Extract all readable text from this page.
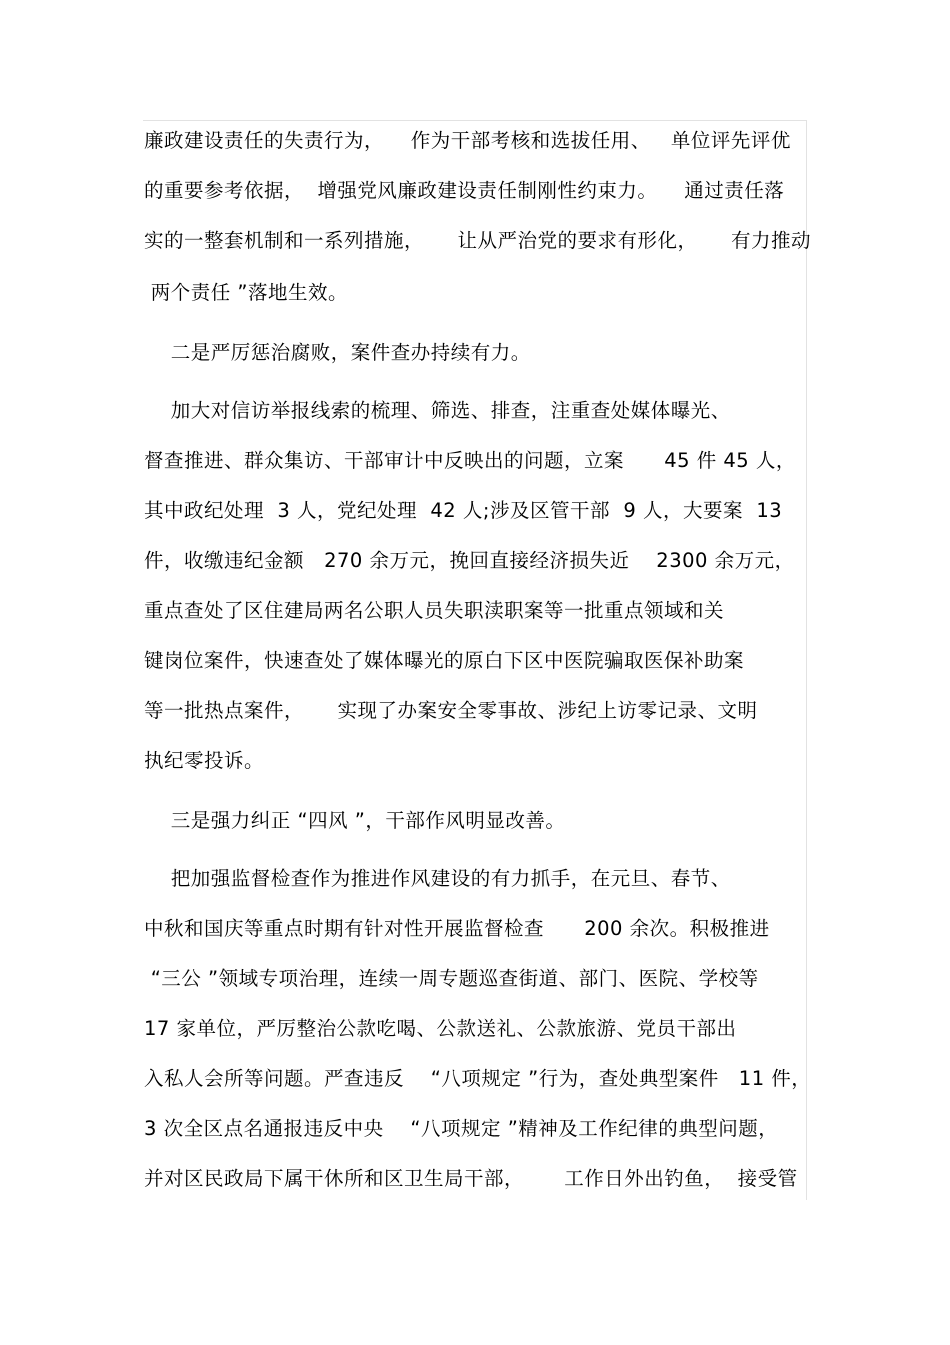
廉政建设责任的失责行为，    作为干部考核和选拔任用、   单位评先评优
的重要参考依据，  增强党风廉政建设责任制刚性约束力。    通过责任落
实的一整套机制和一系列措施，     让从严治党的要求有形化，     有力推动
两个责任 ”落地生效。
二是严厉惩治腐败，案件查办持续有力。
加大对信访举报线索的梳理、筛选、排查，注重查处媒体曝光、
督查推进、群众集访、干部审计中反映出的问题，立案      45 件 45 人，
其中政纪处理  3 人，党纪处理  42 人;涉及区管干部  9 人，大要案  13
件，收缴违纪金额   270 余万元，挽回直接经济损失近    2300 余万元，
重点查处了区住建局两名公职人员失职渎职案等一批重点领域和关
键岗位案件，快速查处了媒体曝光的原白下区中医院骗取医保补助案
等一批热点案件，     实现了办案安全零事故、涉纪上访零记录、文明
执纪零投诉。
三是强力纠正 “四风 ”，干部作风明显改善。
把加强监督检查作为推进作风建设的有力抓手，在元旦、春节、
中秋和国庆等重点时期有针对性开展监督检查      200 余次。积极推进
“三公 ”领域专项治理，连续一周专题巡查街道、部门、医院、学校等
17 家单位，严厉整治公款吃喝、公款送礼、公款旅游、党员干部出
入私人会所等问题。严查违反    “八项规定 ”行为，查处典型案件   11 件，
3 次全区点名通报违反中央    “八项规定 ”精神及工作纪律的典型问题，
并对区民政局下属干休所和区卫生局干部，      工作日外出钓鱼，  接受管
